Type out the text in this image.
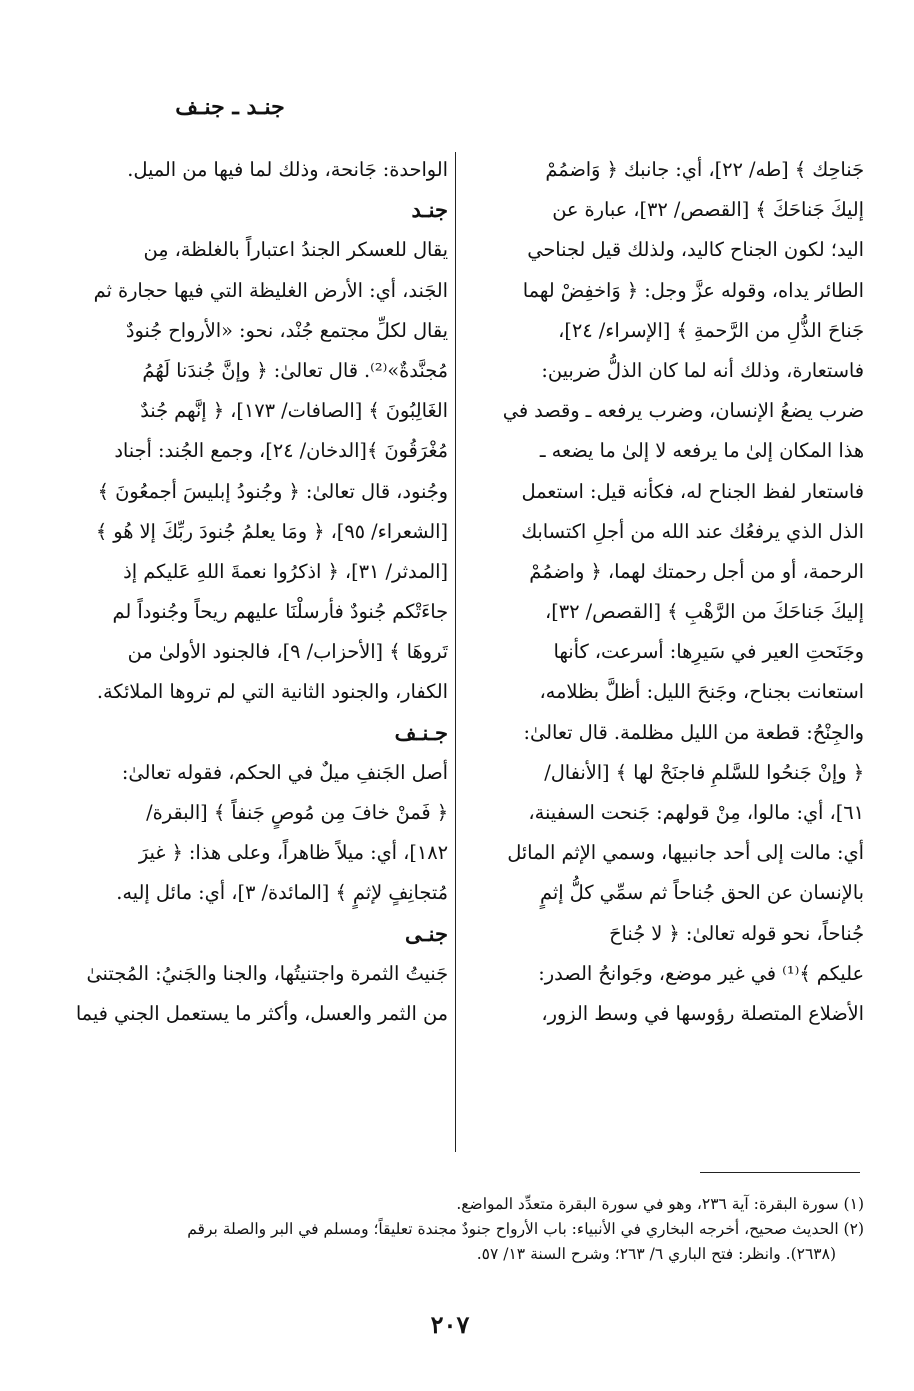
جنـد ـ جنـف
جَناحِك ﴾ [طه/ ٢٢]، أي: جانبك ﴿ وَاضمُمْ
إليكَ جَناحَكَ ﴾ [القصص/ ٣٢]، عبارة عن
اليد؛ لكون الجناح كاليد، ولذلك قيل لجناحي
الطائر يداه، وقوله عزَّ وجل: ﴿ وَاخفِضْ لهما
جَناحَ الذُّلِ من الرَّحمةِ ﴾ [الإسراء/ ٢٤]،
فاستعارة، وذلك أنه لما كان الذلُّ ضربين:
ضرب يضعُ الإنسان، وضرب يرفعه ـ وقصد في
هذا المكان إلىٰ ما يرفعه لا إلىٰ ما يضعه ـ
فاستعار لفظ الجناح له، فكأنه قيل: استعمل
الذل الذي يرفعُك عند الله من أجلِ اكتسابك
الرحمة، أو من أجل رحمتك لهما، ﴿ واضمُمْ
إليكَ جَناحَكَ من الرَّهْبِ ﴾ [القصص/ ٣٢]،
وجَنَحتِ العير في سَيرِها: أسرعت، كأنها
استعانت بجناح، وجَنحَ الليل: أظلَّ بظلامه،
والجِنْحُ: قطعة من الليل مظلمة. قال تعالىٰ:
﴿ وإنْ جَنحُوا للسَّلمِ فاجنَحْ لها ﴾ [الأنفال/
٦١]، أي: مالوا، مِنْ قولهم: جَنحت السفينة،
أي: مالت إلى أحد جانبيها، وسمي الإثم المائل
بالإنسان عن الحق جُناحاً ثم سمِّي كلُّ إثمٍ
جُناحاً، نحو قوله تعالىٰ: ﴿ لا جُناحَ
عليكم ﴾⁽¹⁾ في غير موضع، وجَوانحُ الصدر:
الأضلاع المتصلة رؤوسها في وسط الزور،
الواحدة: جَانحة، وذلك لما فيها من الميل.
جنـد
يقال للعسكر الجندُ اعتباراً بالغلظة، مِن
الجَند، أي: الأرض الغليظة التي فيها حجارة ثم
يقال لكلِّ مجتمع جُنْد، نحو: «الأرواح جُنودٌ
مُجنَّدةٌ»⁽²⁾. قال تعالىٰ: ﴿ وإنَّ جُندَنا لَهُمُ
الغَالِبُونَ ﴾ [الصافات/ ١٧٣]، ﴿ إنَّهم جُندٌ
مُغْرَقُونَ ﴾[الدخان/ ٢٤]، وجمع الجُند: أجناد
وجُنود، قال تعالىٰ: ﴿ وجُنودُ إبليسَ أجمعُونَ ﴾
[الشعراء/ ٩٥]، ﴿ ومَا يعلمُ جُنودَ ربِّكَ إلا هُو ﴾
[المدثر/ ٣١]، ﴿ اذكرُوا نعمةَ اللهِ عَليكم إذ
جاءَتْكم جُنودٌ فأرسلْنَا عليهم ريحاً وجُنوداً لم
تَروهَا ﴾ [الأحزاب/ ٩]، فالجنود الأولىٰ من
الكفار، والجنود الثانية التي لم تروها الملائكة.
جـنـف
أصل الجَنفِ ميلٌ في الحكم، فقوله تعالىٰ:
﴿ فَمنْ خافَ مِن مُوصٍ جَنفاً ﴾ [البقرة/
١٨٢]، أي: ميلاً ظاهراً، وعلى هذا: ﴿ غيرَ
مُتجانِفٍ لإثمٍ ﴾ [المائدة/ ٣]، أي: مائل إليه.
جنـى
جَنيتُ الثمرة واجتنيتُها، والجنا والجَنيُ: المُجتنىٰ
من الثمر والعسل، وأكثر ما يستعمل الجني فيما
(١) سورة البقرة: آية ٢٣٦، وهو في سورة البقرة متعدِّد المواضع.
(٢) الحديث صحيح، أخرجه البخاري في الأنبياء: باب الأرواح جنودٌ مجندة تعليقاً؛ ومسلم في البر والصلة برقم
(٢٦٣٨). وانظر: فتح الباري ٦/ ٢٦٣؛ وشرح السنة ١٣/ ٥٧.
٢٠٧
